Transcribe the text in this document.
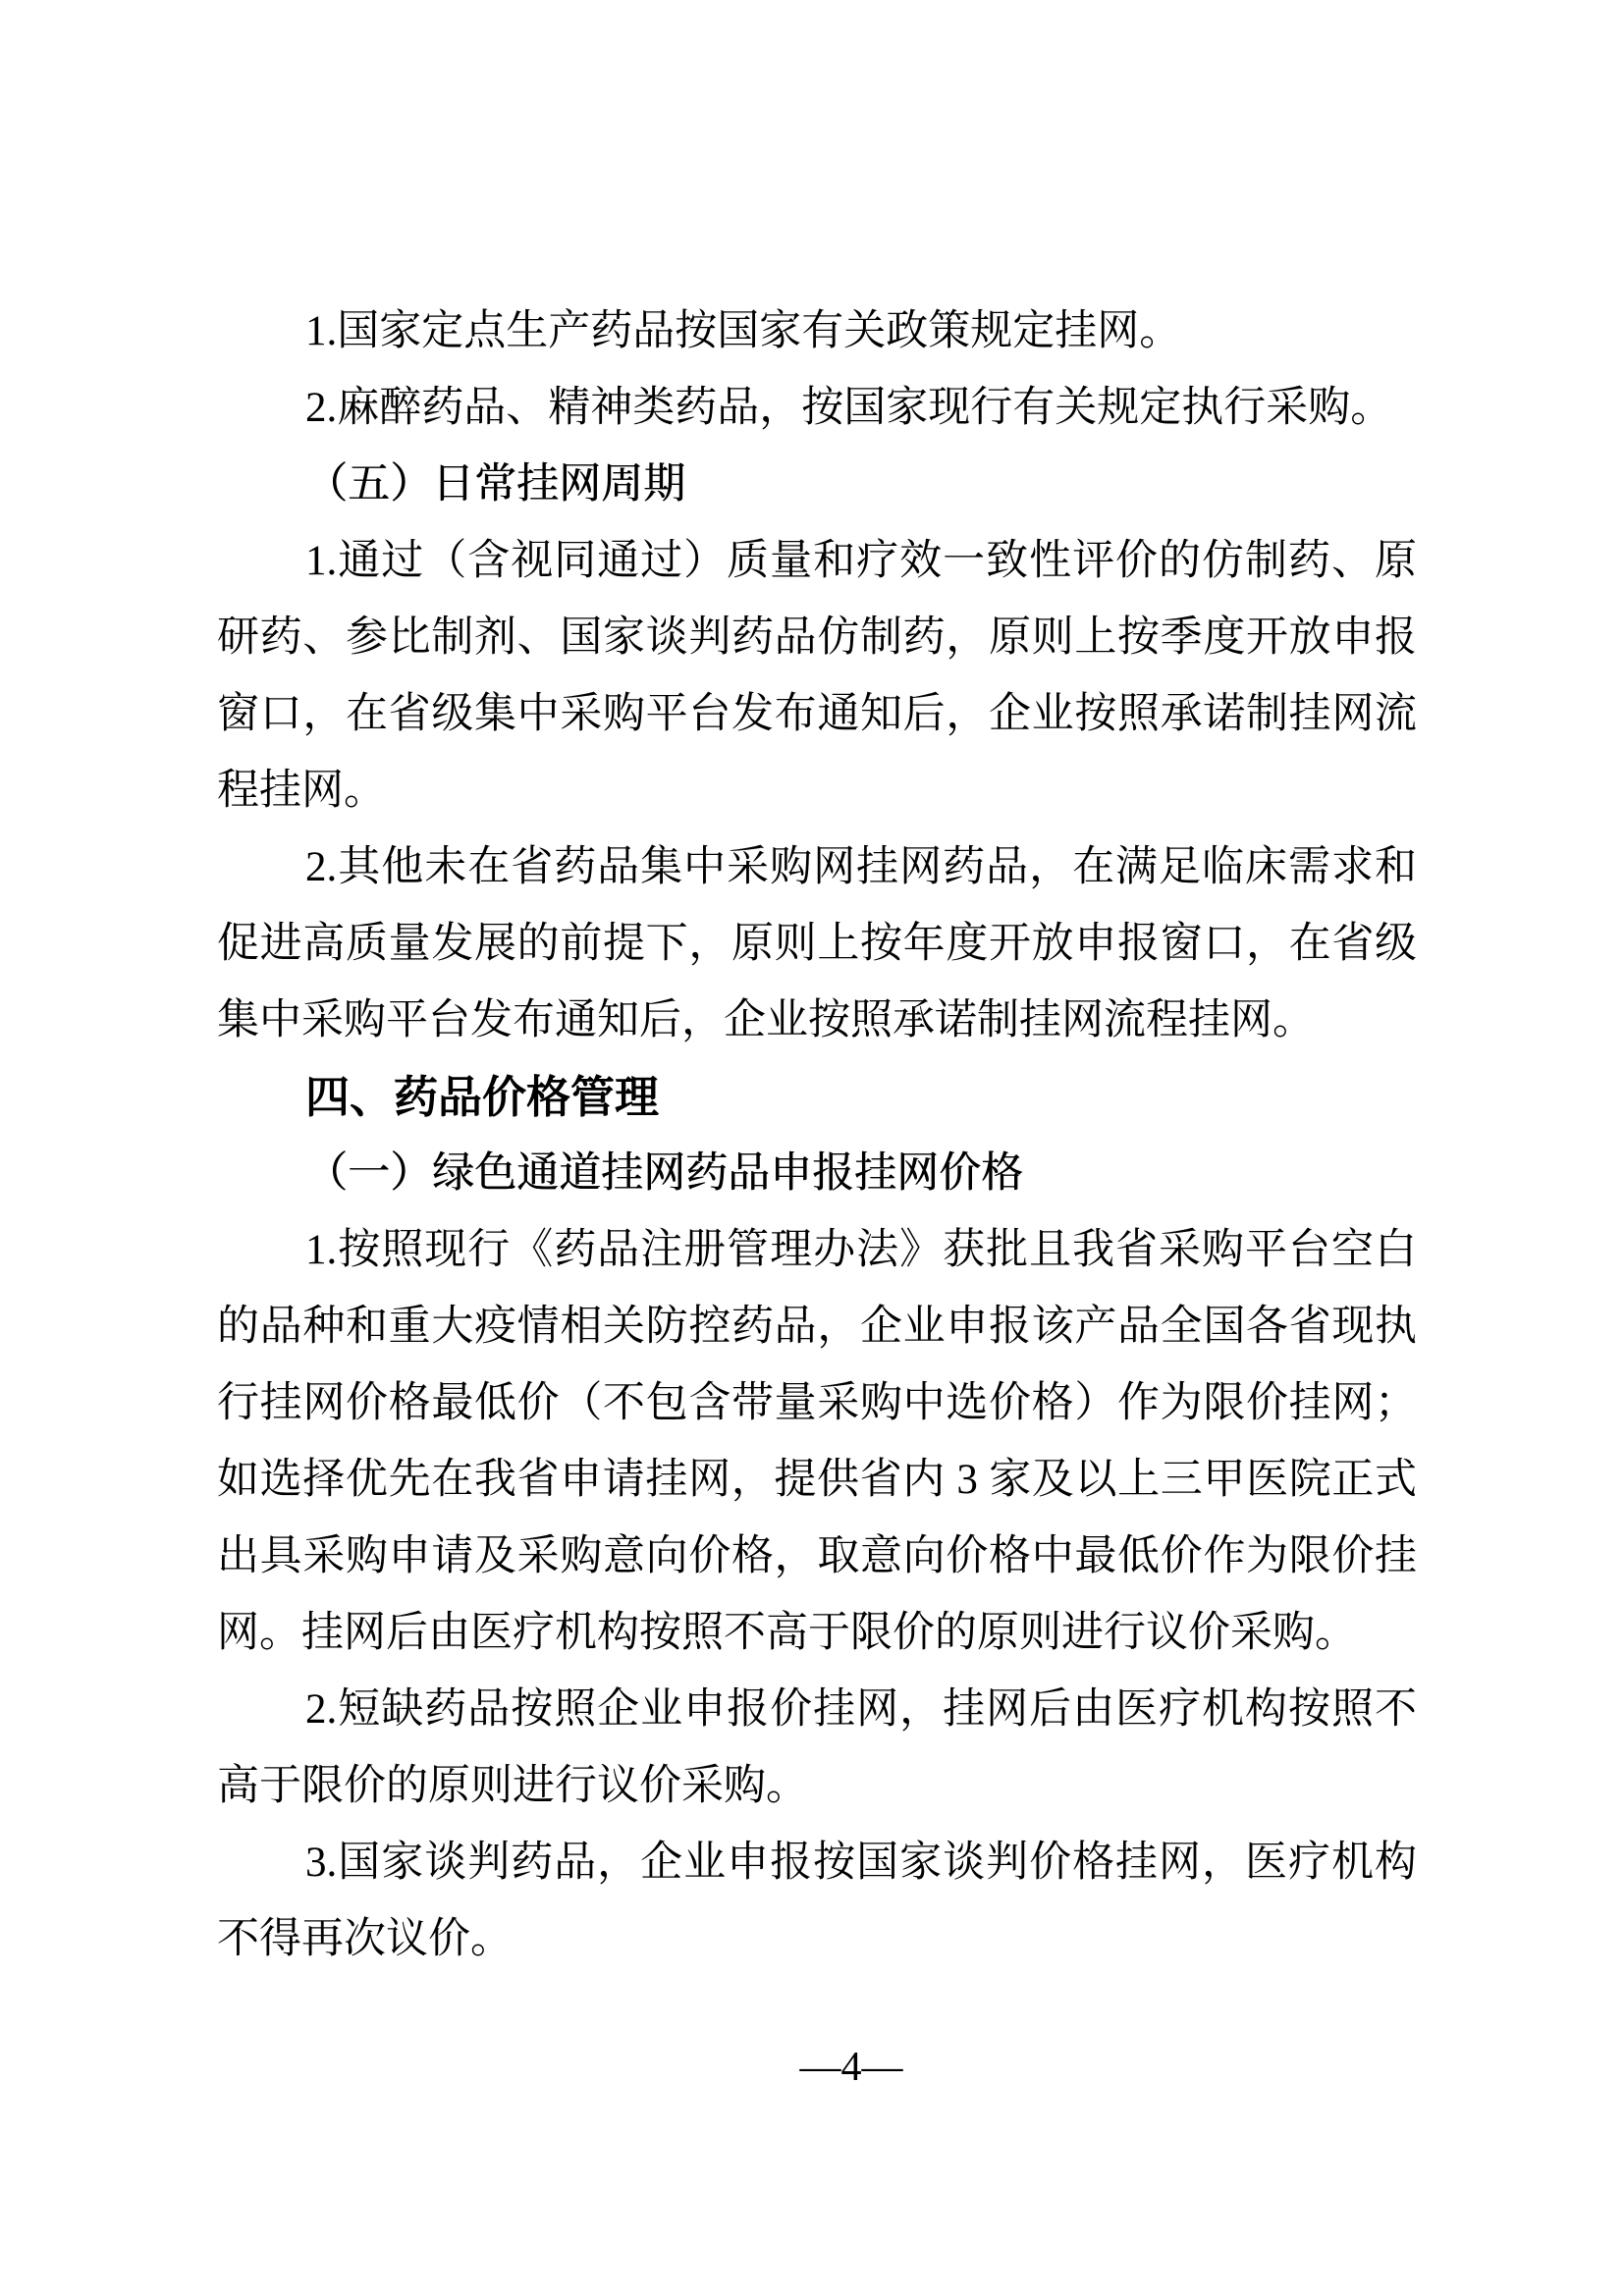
1.国家定点生产药品按国家有关政策规定挂网。
2.麻醉药品、精神类药品，按国家现行有关规定执行采购。
（五）日常挂网周期
1.通过（含视同通过）质量和疗效一致性评价的仿制药、原
研药、参比制剂、国家谈判药品仿制药，原则上按季度开放申报
窗口，在省级集中采购平台发布通知后，企业按照承诺制挂网流
程挂网。
2.其他未在省药品集中采购网挂网药品，在满足临床需求和
促进高质量发展的前提下，原则上按年度开放申报窗口，在省级
集中采购平台发布通知后，企业按照承诺制挂网流程挂网。
四、药品价格管理
（一）绿色通道挂网药品申报挂网价格
1.按照现行《药品注册管理办法》获批且我省采购平台空白
的品种和重大疫情相关防控药品，企业申报该产品全国各省现执
行挂网价格最低价（不包含带量采购中选价格）作为限价挂网；
如选择优先在我省申请挂网，提供省内 3 家及以上三甲医院正式
出具采购申请及采购意向价格，取意向价格中最低价作为限价挂
网。挂网后由医疗机构按照不高于限价的原则进行议价采购。
2.短缺药品按照企业申报价挂网，挂网后由医疗机构按照不
高于限价的原则进行议价采购。
3.国家谈判药品，企业申报按国家谈判价格挂网，医疗机构
不得再次议价。
—4—
